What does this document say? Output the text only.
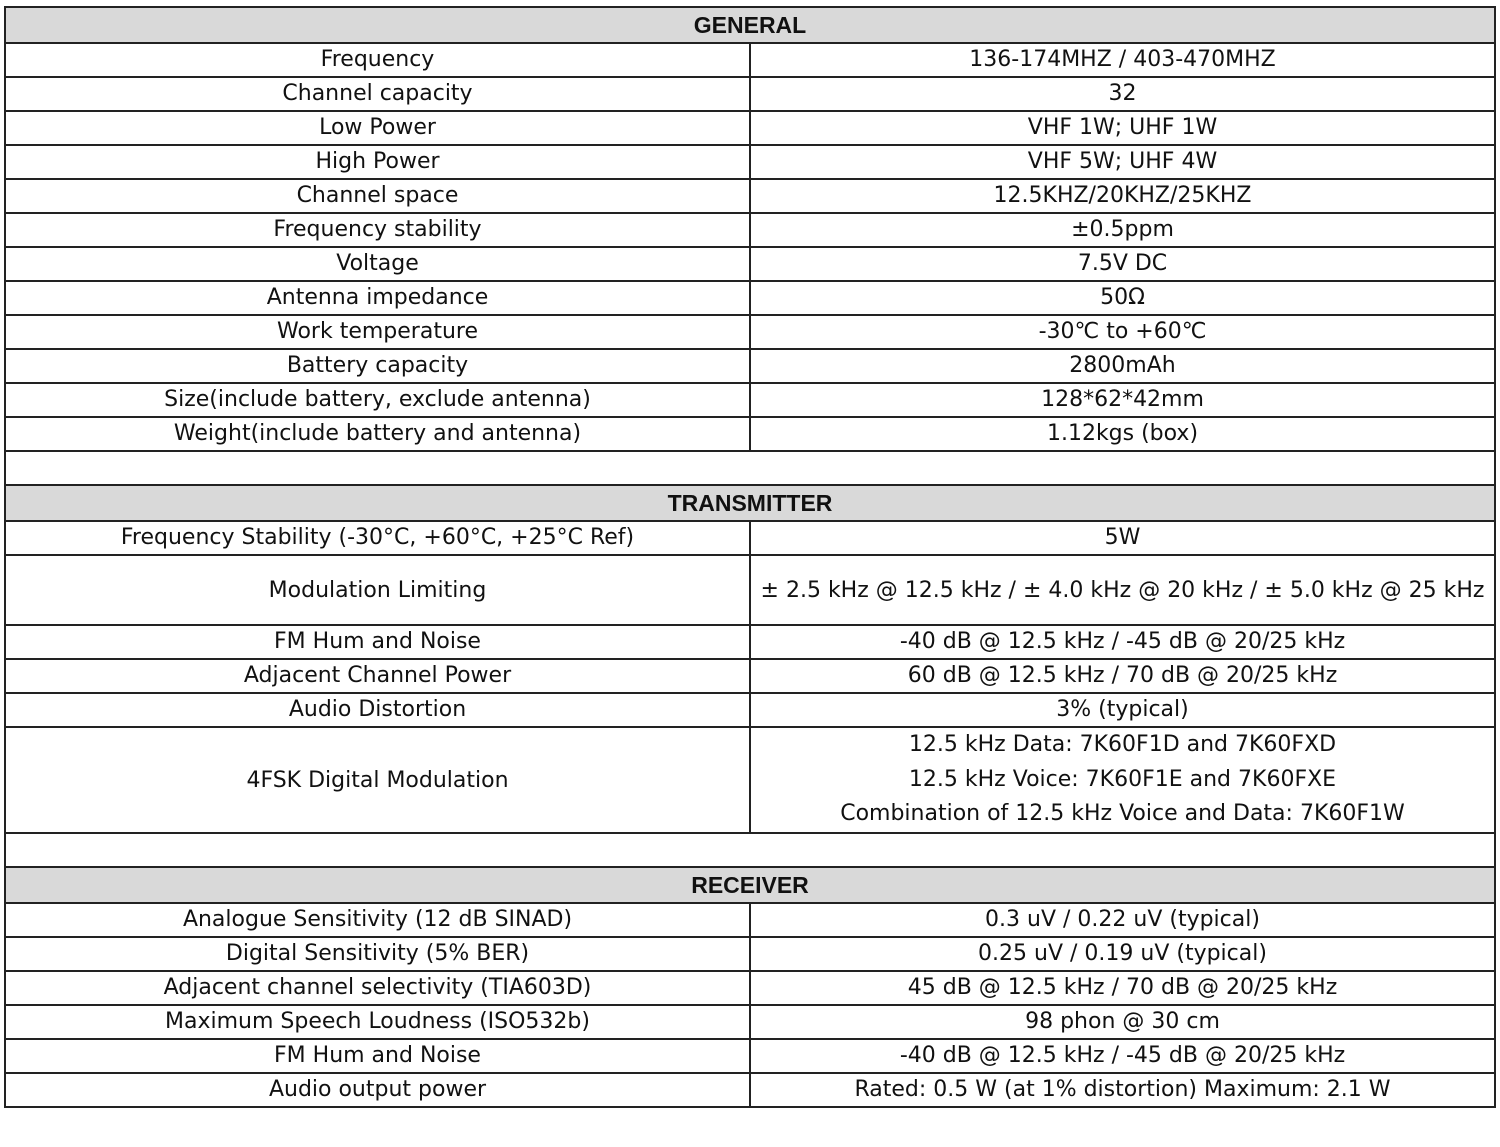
GENERAL	
Frequency	136-174MHZ / 403-470MHZ
Channel capacity	32
Low Power	VHF 1W; UHF 1W
High Power	VHF 5W; UHF 4W
Channel space	12.5KHZ/20KHZ/25KHZ
Frequency stability	±0.5ppm
Voltage	7.5V DC
Antenna impedance	50Ω
Work temperature	-30℃ to +60℃
Battery capacity	2800mAh
Size(include battery, exclude antenna)	128*62*42mm
Weight(include battery and antenna)	1.12kgs (box)

TRANSMITTER	
Frequency Stability (-30°C, +60°C, +25°C Ref)	5W
Modulation Limiting	± 2.5 kHz @ 12.5 kHz / ± 4.0 kHz @ 20 kHz / ± 5.0 kHz @ 25 kHz
FM Hum and Noise	-40 dB @ 12.5 kHz / -45 dB @ 20/25 kHz
Adjacent Channel Power	60 dB @ 12.5 kHz / 70 dB @ 20/25 kHz
Audio Distortion	3% (typical)
4FSK Digital Modulation	12.5 kHz Data: 7K60F1D and 7K60FXD
12.5 kHz Voice: 7K60F1E and 7K60FXE
Combination of 12.5 kHz Voice and Data: 7K60F1W

RECEIVER	
Analogue Sensitivity (12 dB SINAD)	0.3 uV / 0.22 uV (typical)
Digital Sensitivity (5% BER)	0.25 uV / 0.19 uV (typical)
Adjacent channel selectivity (TIA603D)	45 dB @ 12.5 kHz / 70 dB @ 20/25 kHz
Maximum Speech Loudness (ISO532b)	98 phon @ 30 cm
FM Hum and Noise	-40 dB @ 12.5 kHz / -45 dB @ 20/25 kHz
Audio output power	Rated: 0.5 W (at 1% distortion) Maximum: 2.1 W
